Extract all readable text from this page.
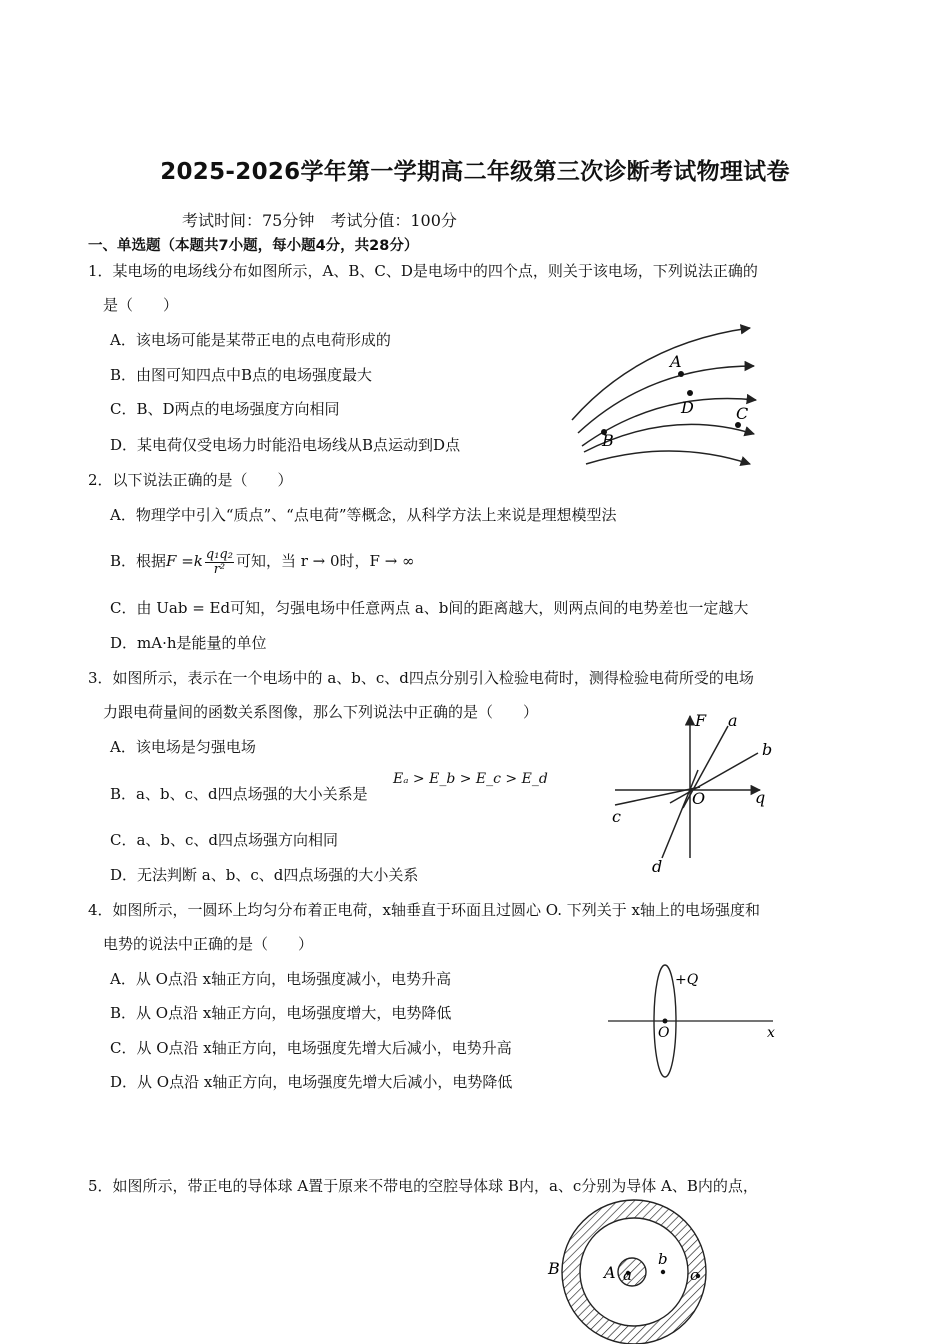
2025-2026学年第一学期高二年级第三次诊断考试物理试卷
考试时间：75分钟　考试分值：100分
一、单选题（本题共7小题，每小题4分，共28分）
1．某电场的电场线分布如图所示，A、B、C、D是电场中的四个点，则关于该电场，下列说法正确的
是（　　）
A．该电场可能是某带正电的点电荷形成的
B．由图可知四点中B点的电场强度最大
C．B、D两点的电场强度方向相同
D．某电荷仅受电场力时能沿电场线从B点运动到D点
A
D	C
B
2．以下说法正确的是（　　）
A．物理学中引入“质点”、“点电荷”等概念，从科学方法上来说是理想模型法
B．根据$F =k \frac{\text{q₁q₂}}{\text{r²}}$ 可知，当 r → 0时，F → ∞
C．由 Uab = Ed可知，匀强电场中任意两点 a、b间的距离越大，则两点间的电势差也一定越大
D．mA·h是能量的单位
3．如图所示，表示在一个电场中的 a、b、c、d四点分别引入检验电荷时，测得检验电荷所受的电场
力跟电荷量间的函数关系图像，那么下列说法中正确的是（　　）
A．该电场是匀强电场
B．a、b、c、d四点场强的大小关系是
Eₐ > E_b > E_c > E_d
C．a、b、c、d四点场强方向相同
D．无法判断 a、b、c、d四点场强的大小关系
F
q
O
a
b
c
d
4．如图所示，一圆环上均匀分布着正电荷，x轴垂直于环面且过圆心 O. 下列关于 x轴上的电场强度和
电势的说法中正确的是（　　）
A．从 O点沿 x轴正方向，电场强度减小，电势升高
B．从 O点沿 x轴正方向，电场强度增大，电势降低
C．从 O点沿 x轴正方向，电场强度先增大后减小，电势升高
D．从 O点沿 x轴正方向，电场强度先增大后减小，电势降低
+Q
O	x
5．如图所示，带正电的导体球 A置于原来不带电的空腔导体球 B内，a、c分别为导体 A、B内的点，
B	A a
b
c
